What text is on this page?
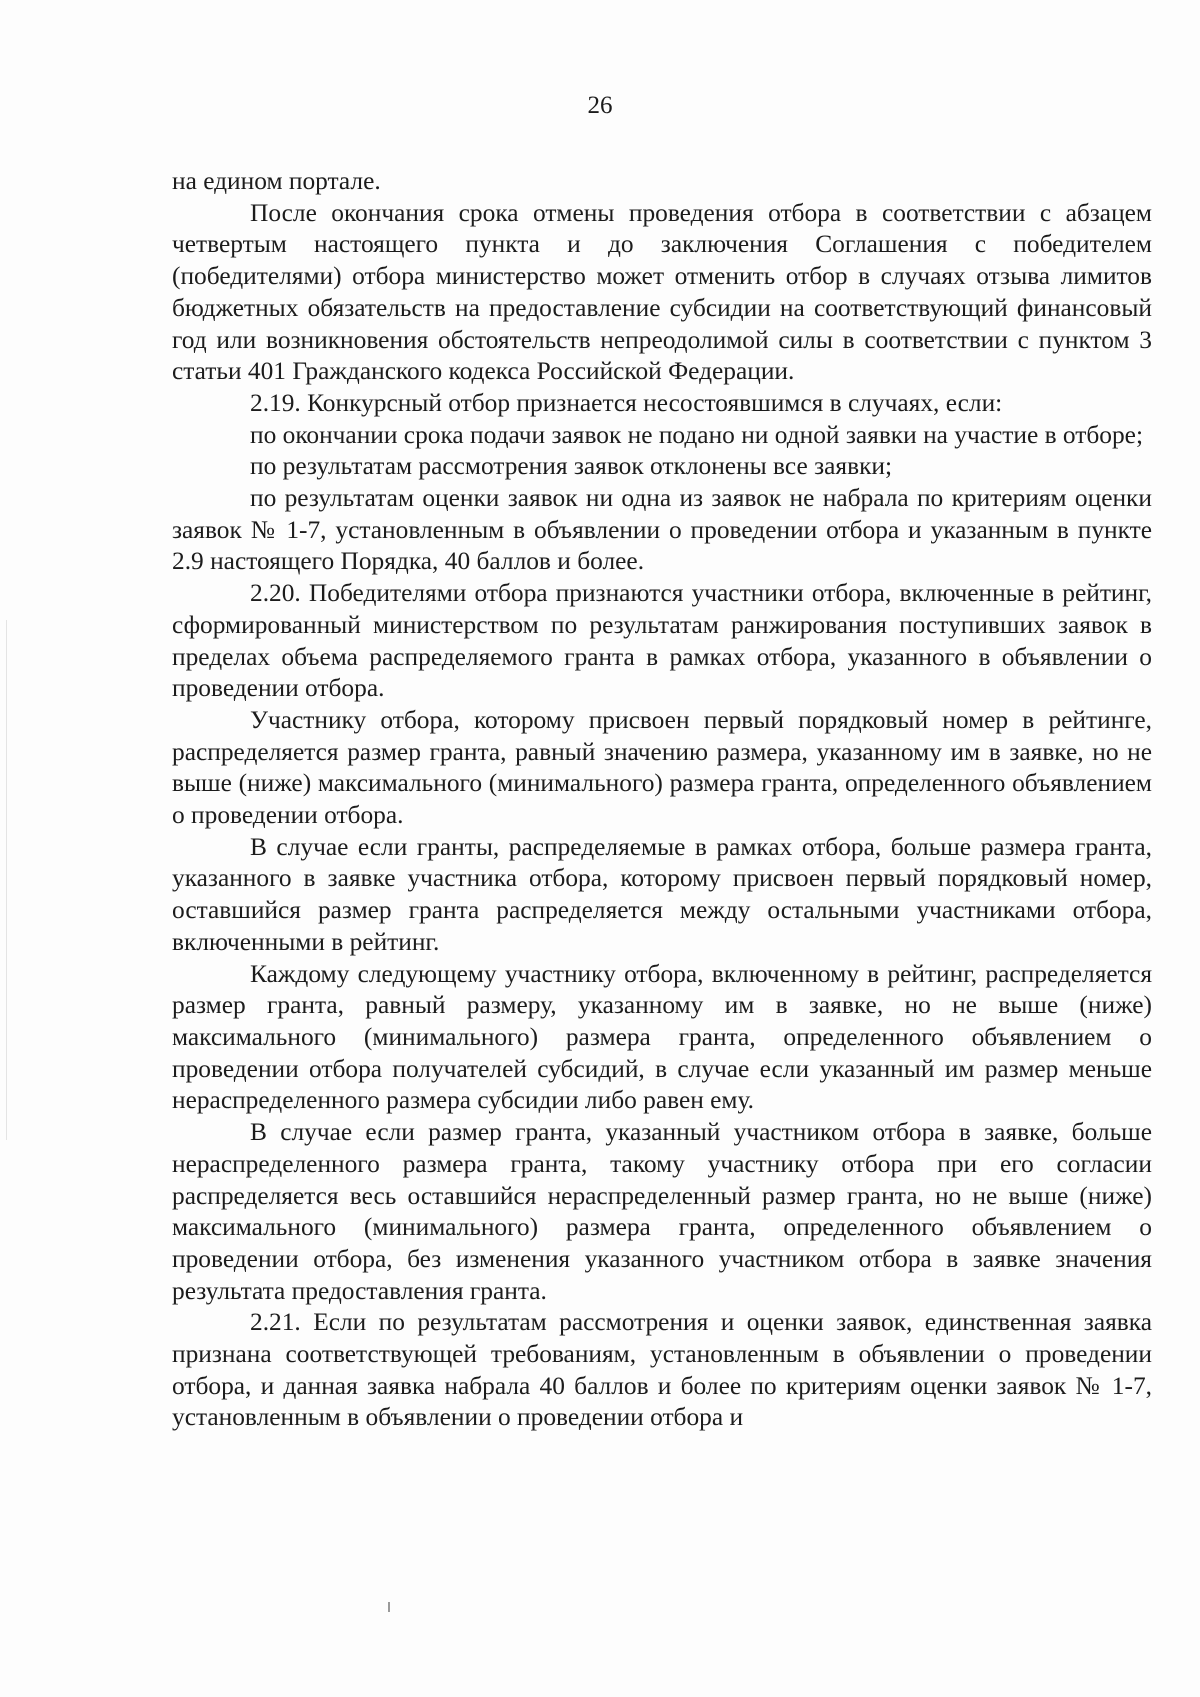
26

на едином портале.

После окончания срока отмены проведения отбора в соответствии с абзацем четвертым настоящего пункта и до заключения Соглашения с победителем (победителями) отбора министерство может отменить отбор в случаях отзыва лимитов бюджетных обязательств на предоставление субсидии на соответствующий финансовый год или возникновения обстоятельств непреодолимой силы в соответствии с пунктом 3 статьи 401 Гражданского кодекса Российской Федерации.

2.19. Конкурсный отбор признается несостоявшимся в случаях, если:

по окончании срока подачи заявок не подано ни одной заявки на участие в отборе;

по результатам рассмотрения заявок отклонены все заявки;

по результатам оценки заявок ни одна из заявок не набрала по критериям оценки заявок № 1-7, установленным в объявлении о проведении отбора и указанным в пункте 2.9 настоящего Порядка, 40 баллов и более.

2.20. Победителями отбора признаются участники отбора, включенные в рейтинг, сформированный министерством по результатам ранжирования поступивших заявок в пределах объема распределяемого гранта в рамках отбора, указанного в объявлении о проведении отбора.

Участнику отбора, которому присвоен первый порядковый номер в рейтинге, распределяется размер гранта, равный значению размера, указанному им в заявке, но не выше (ниже) максимального (минимального) размера гранта, определенного объявлением о проведении отбора.

В случае если гранты, распределяемые в рамках отбора, больше размера гранта, указанного в заявке участника отбора, которому присвоен первый порядковый номер, оставшийся размер гранта распределяется между остальными участниками отбора, включенными в рейтинг.

Каждому следующему участнику отбора, включенному в рейтинг, распределяется размер гранта, равный размеру, указанному им в заявке, но не выше (ниже) максимального (минимального) размера гранта, определенного объявлением о проведении отбора получателей субсидий, в случае если указанный им размер меньше нераспределенного размера субсидии либо равен ему.

В случае если размер гранта, указанный участником отбора в заявке, больше нераспределенного размера гранта, такому участнику отбора при его согласии распределяется весь оставшийся нераспределенный размер гранта, но не выше (ниже) максимального (минимального) размера гранта, определенного объявлением о проведении отбора, без изменения указанного участником отбора в заявке значения результата предоставления гранта.

2.21. Если по результатам рассмотрения и оценки заявок, единственная заявка признана соответствующей требованиям, установленным в объявлении о проведении отбора, и данная заявка набрала 40 баллов и более по критериям оценки заявок № 1-7, установленным в объявлении о проведении отбора и
